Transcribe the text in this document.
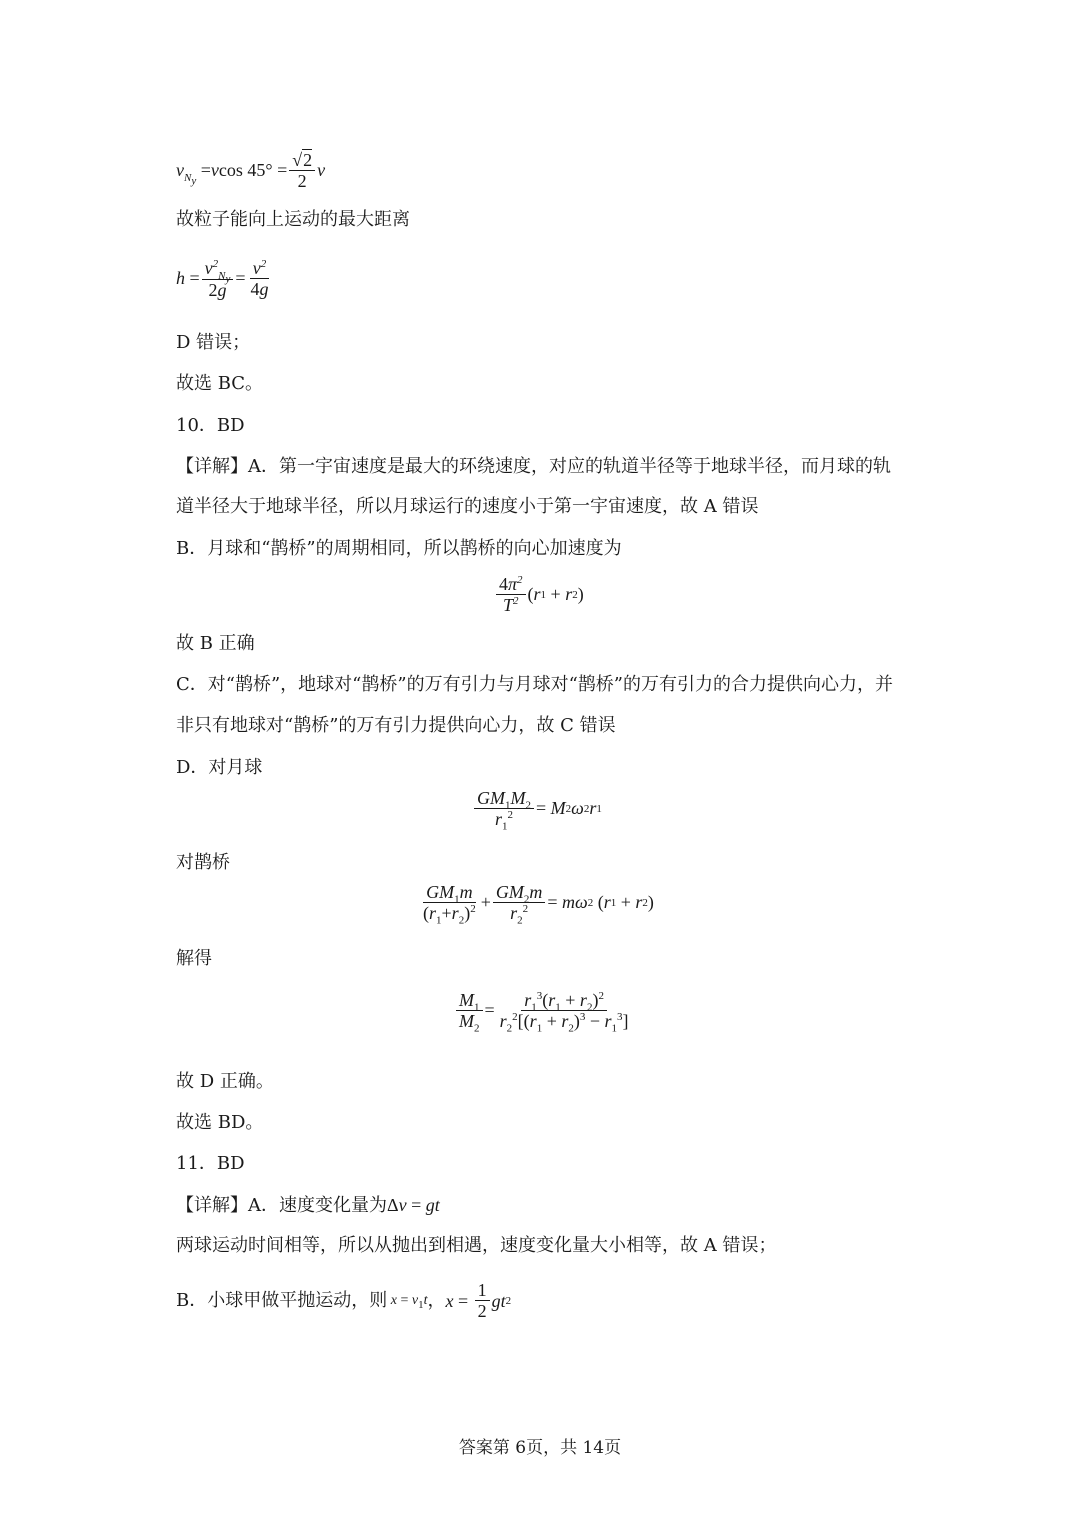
$v_{N_y}$

= v $\cos 45^\circ = \frac{√2}{2}$ v
故粒子能向上运动的最大距离
$h = \frac{v^2_{N_y}}{2g} = \frac{v^2}{4g}$
D 错误；
故选 BC。
10．BD
【详解】A．第一宇宙速度是最大的环绕速度，对应的轨道半径等于地球半径，而月球的轨
道半径大于地球半径，所以月球运行的速度小于第一宇宙速度，故 A 错误
B．月球和“鹊桥”的周期相同，所以鹊桥的向心加速度为
$\frac{4\pi^2}{T^2}$ ( r 1 + r 2 )
故 B 正确
C．对“鹊桥”，地球对“鹊桥”的万有引力与月球对“鹊桥”的万有引力的合力提供向心力，并
非只有地球对“鹊桥”的万有引力提供向心力，故 C 错误
D．对月球
$\frac{GM_1M_2}{r_1^2} = M$ 2 ω 2 r 1
对鹊桥
$\frac{GM_1m}{(r_1+r_2)^2} + \frac{GM_2m}{r_2^2} = m\omega$ 2 ( r 1 + r 2 )
解得
$\frac{M_1}{M_2} = \frac{r_1^3(r_1 + r_2)^2}{r_2^2[(r_1 + r_2)^3 - r_1^3]}$
故 D 正确。
故选 BD。
11．BD
【详解】A．速度变化量为Δv = gt
两球运动时间相等，所以从抛出到相遇，速度变化量大小相等，故 A 错误；
B．小球甲做平抛运动，则 $x = v_1t$ ， $x = \frac{1}{2}$ gt 2
答案第 6页，共 14页
